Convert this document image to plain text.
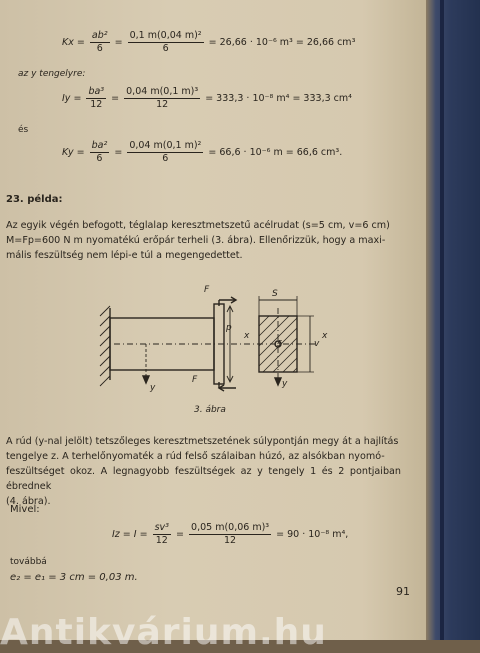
$Kx = \frac{\text{ab²}}{6} = \frac{\text{0,1 m(0,04 m)²}}{6} = 26,66 \cdot 10^{-6}$ m³ = 26,66 cm³
az y tengelyre:
$Iy = \frac{\text{ba³}}{12} = \frac{\text{0,04 m(0,1 m)³}}{12} = 333,3 \cdot 10^{-8}$ m⁴ = 333,3 cm⁴
és
$Ky = \frac{\text{ba²}}{6} = \frac{\text{0,04 m(0,1 m)²}}{6} = 66,6 \cdot 10^{-6}$ m = 66,6 cm³.
23. példa:
Az egyik végén befogott, téglalap keresztmetszetű acélrudat (s=5 cm, v=6 cm)
M=Fp=600 N m nyomatékú erőpár terheli (3. ábra). Ellenőrizzük, hogy a maxi-
mális feszültség nem lépi-e túl a megengedettet.
F
F
p
x
y
S
x
y
v
S
3. ábra
A rúd (y-nal jelölt) tetszőleges keresztmetszetének súlypontján megy át a hajlítás
tengelye z. A terhelőnyomaték a rúd felső szálaiban húzó, az alsókban nyomó-
feszültséget okoz. A legnagyobb feszültségek az y tengely 1 és 2 pontjaiban ébrednek
(4. ábra).
Mivel:
$Iz = I = \frac{\text{sv³}}{12} = \frac{\text{0,05 m(0,06 m)³}}{12} = 90 \cdot 10^{-8}$ m⁴,
továbbá
e₂ = e₁ = 3 cm = 0,03 m.
91
Antikvárium.hu
